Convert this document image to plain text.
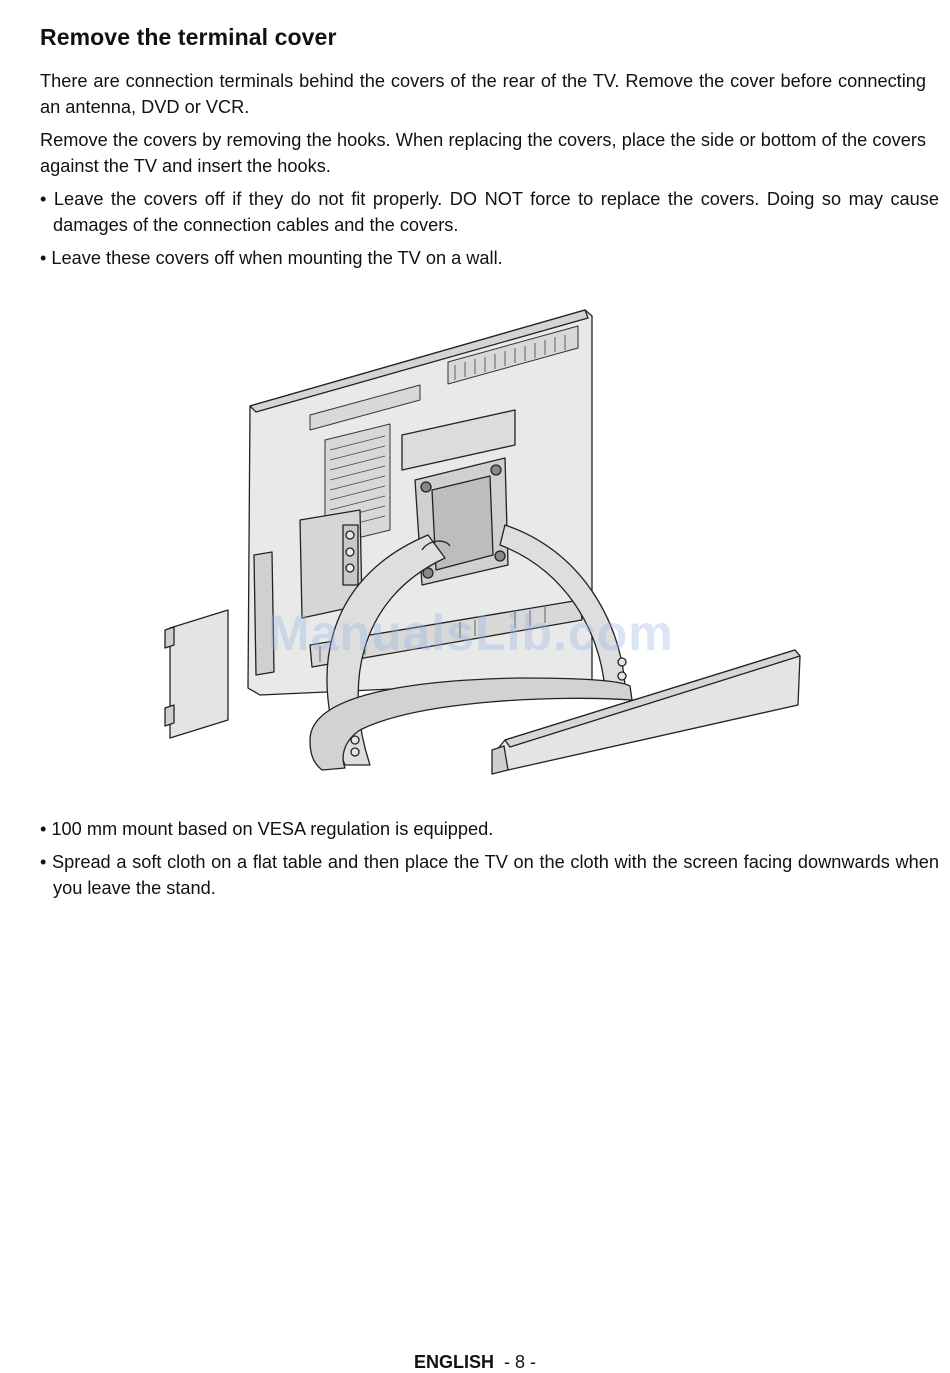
Remove the terminal cover

There are connection terminals behind the covers of the rear of the TV. Remove the cover before connecting an antenna, DVD or VCR.

Remove the covers by removing the hooks. When replacing the covers, place the side or bottom of the covers against the TV and insert the hooks.

• Leave the covers off if they do not fit properly. DO NOT force to replace the covers. Doing so may cause damages of the connection cables and the covers.

• Leave these covers off when mounting the TV on a wall.

• 100 mm mount based on VESA regulation is equipped.

• Spread a soft cloth on a flat table and then place the TV on the cloth with the screen facing downwards when you leave the stand.

ManualsLib.com
ENGLISH - 8 -
